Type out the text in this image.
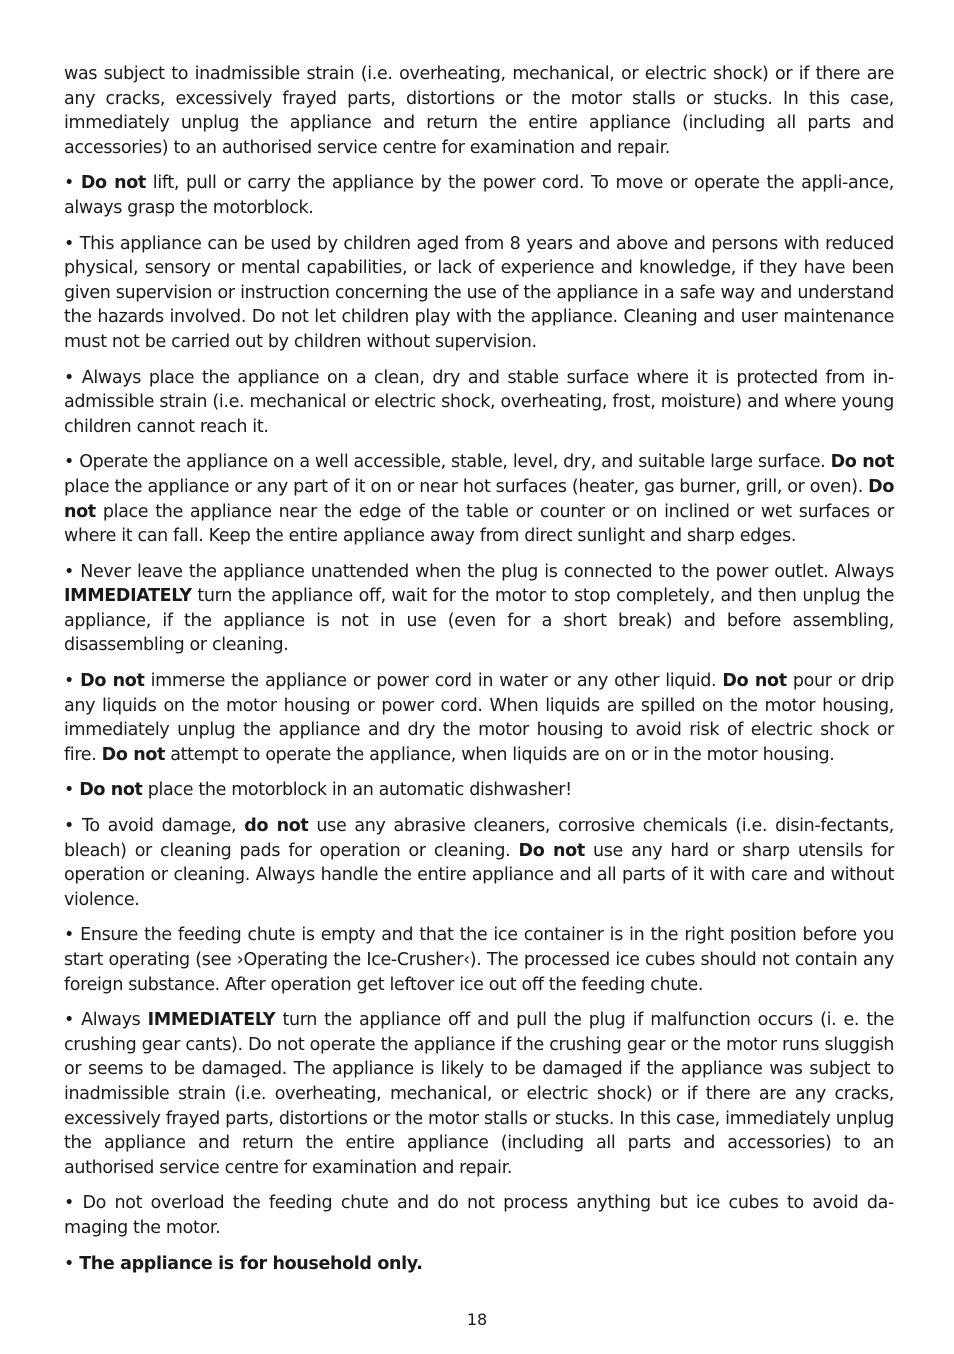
was subject to inadmissible strain (i.e. overheating, mechanical, or electric shock) or if there are any cracks, excessively frayed parts, distortions or the motor stalls or stucks. In this case, immediately unplug the appliance and return the entire appliance (including all parts and accessories) to an authorised service centre for examination and repair.

• Do not lift, pull or carry the appliance by the power cord. To move or operate the appli-ance, always grasp the motorblock.

• This appliance can be used by children aged from 8 years and above and persons with reduced physical, sensory or mental capabilities, or lack of experience and knowledge, if they have been given supervision or instruction concerning the use of the appliance in a safe way and understand the hazards involved. Do not let children play with the appliance. Cleaning and user maintenance must not be carried out by children without supervision.

• Always place the appliance on a clean, dry and stable surface where it is protected from in-admissible strain (i.e. mechanical or electric shock, overheating, frost, moisture) and where young children cannot reach it.

• Operate the appliance on a well accessible, stable, level, dry, and suitable large surface. Do not place the appliance or any part of it on or near hot surfaces (heater, gas burner, grill, or oven). Do not place the appliance near the edge of the table or counter or on inclined or wet surfaces or where it can fall. Keep the entire appliance away from direct sunlight and sharp edges.

• Never leave the appliance unattended when the plug is connected to the power outlet. Always IMMEDIATELY turn the appliance off, wait for the motor to stop completely, and then unplug the appliance, if the appliance is not in use (even for a short break) and before assembling, disassembling or cleaning.

• Do not immerse the appliance or power cord in water or any other liquid. Do not pour or drip any liquids on the motor housing or power cord. When liquids are spilled on the motor housing, immediately unplug the appliance and dry the motor housing to avoid risk of electric shock or fire. Do not attempt to operate the appliance, when liquids are on or in the motor housing.

• Do not place the motorblock in an automatic dishwasher!

• To avoid damage, do not use any abrasive cleaners, corrosive chemicals (i.e. disin-fectants, bleach) or cleaning pads for operation or cleaning. Do not use any hard or sharp utensils for operation or cleaning. Always handle the entire appliance and all parts of it with care and without violence.

• Ensure the feeding chute is empty and that the ice container is in the right position before you start operating (see ›Operating the Ice-Crusher‹). The processed ice cubes should not contain any foreign substance. After operation get leftover ice out off the feeding chute.

• Always IMMEDIATELY turn the appliance off and pull the plug if malfunction occurs (i. e. the crushing gear cants). Do not operate the appliance if the crushing gear or the motor runs sluggish or seems to be damaged. The appliance is likely to be damaged if the appliance was subject to inadmissible strain (i.e. overheating, mechanical, or electric shock) or if there are any cracks, excessively frayed parts, distortions or the motor stalls or stucks. In this case, immediately unplug the appliance and return the entire appliance (including all parts and accessories) to an authorised service centre for examination and repair.

• Do not overload the feeding chute and do not process anything but ice cubes to avoid da-maging the motor.

• The appliance is for household only.

18
